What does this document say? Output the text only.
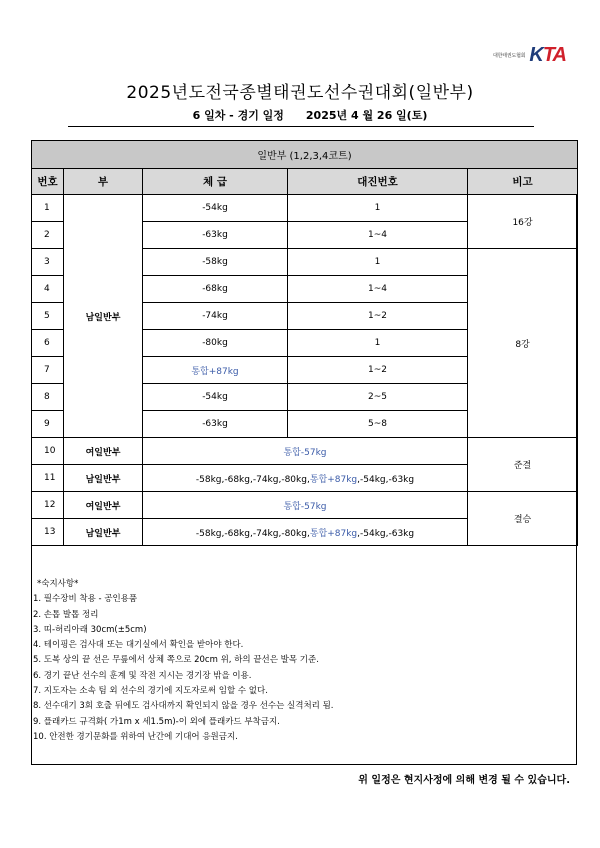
대한태권도협회 KTA
2025년도전국종별태권도선수권대회(일반부)
6 일차 - 경기 일정 2025년 4 월 26 일(토)
일반부 (1,2,3,4코트)				
번호	부	체 급	대진번호	비고
1	남일반부	-54kg	1	16강
2		-63kg	1~4	
3		-58kg	1	8강
4		-68kg	1~4	
5		-74kg	1~2	
6		-80kg	1	
7		통합+87kg	1~2	
8		-54kg	2~5	
9		-63kg	5~8	
10	여일반부	통합-57kg		준결
11	남일반부	-58kg,-68kg,-74kg,-80kg,통합+87kg,-54kg,-63kg		
12	여일반부	통합-57kg		결승
13	남일반부	-58kg,-68kg,-74kg,-80kg,통합+87kg,-54kg,-63kg		
*숙지사항*
1. 필수장비 착용 - 공인용품
2. 손톱 발톱 정리
3. 띠-허리아래 30cm(±5cm)
4. 테이핑은 검사대 또는 대기실에서 확인을 받아야 한다.
5. 도복 상의 끝 선은 무릎에서 상체 쪽으로 20cm 위, 하의 끝선은 발목 기준.
6. 경기 끝난 선수의 훈계 및 작전 지시는 경기장 밖을 이용.
7. 지도자는 소속 팀 외 선수의 경기에 지도자로써 임할 수 없다.
8. 선수대기 3회 호출 뒤에도 검사대까지 확인되지 않을 경우 선수는 실격처리 됨.
9. 플래카드 규격화( 가1m x 세1.5m)-이 외에 플래카드 부착금지.
10. 안전한 경기문화를 위하여 난간에 기대어 응원금지.
위 일정은 현지사정에 의해 변경 될 수 있습니다.
